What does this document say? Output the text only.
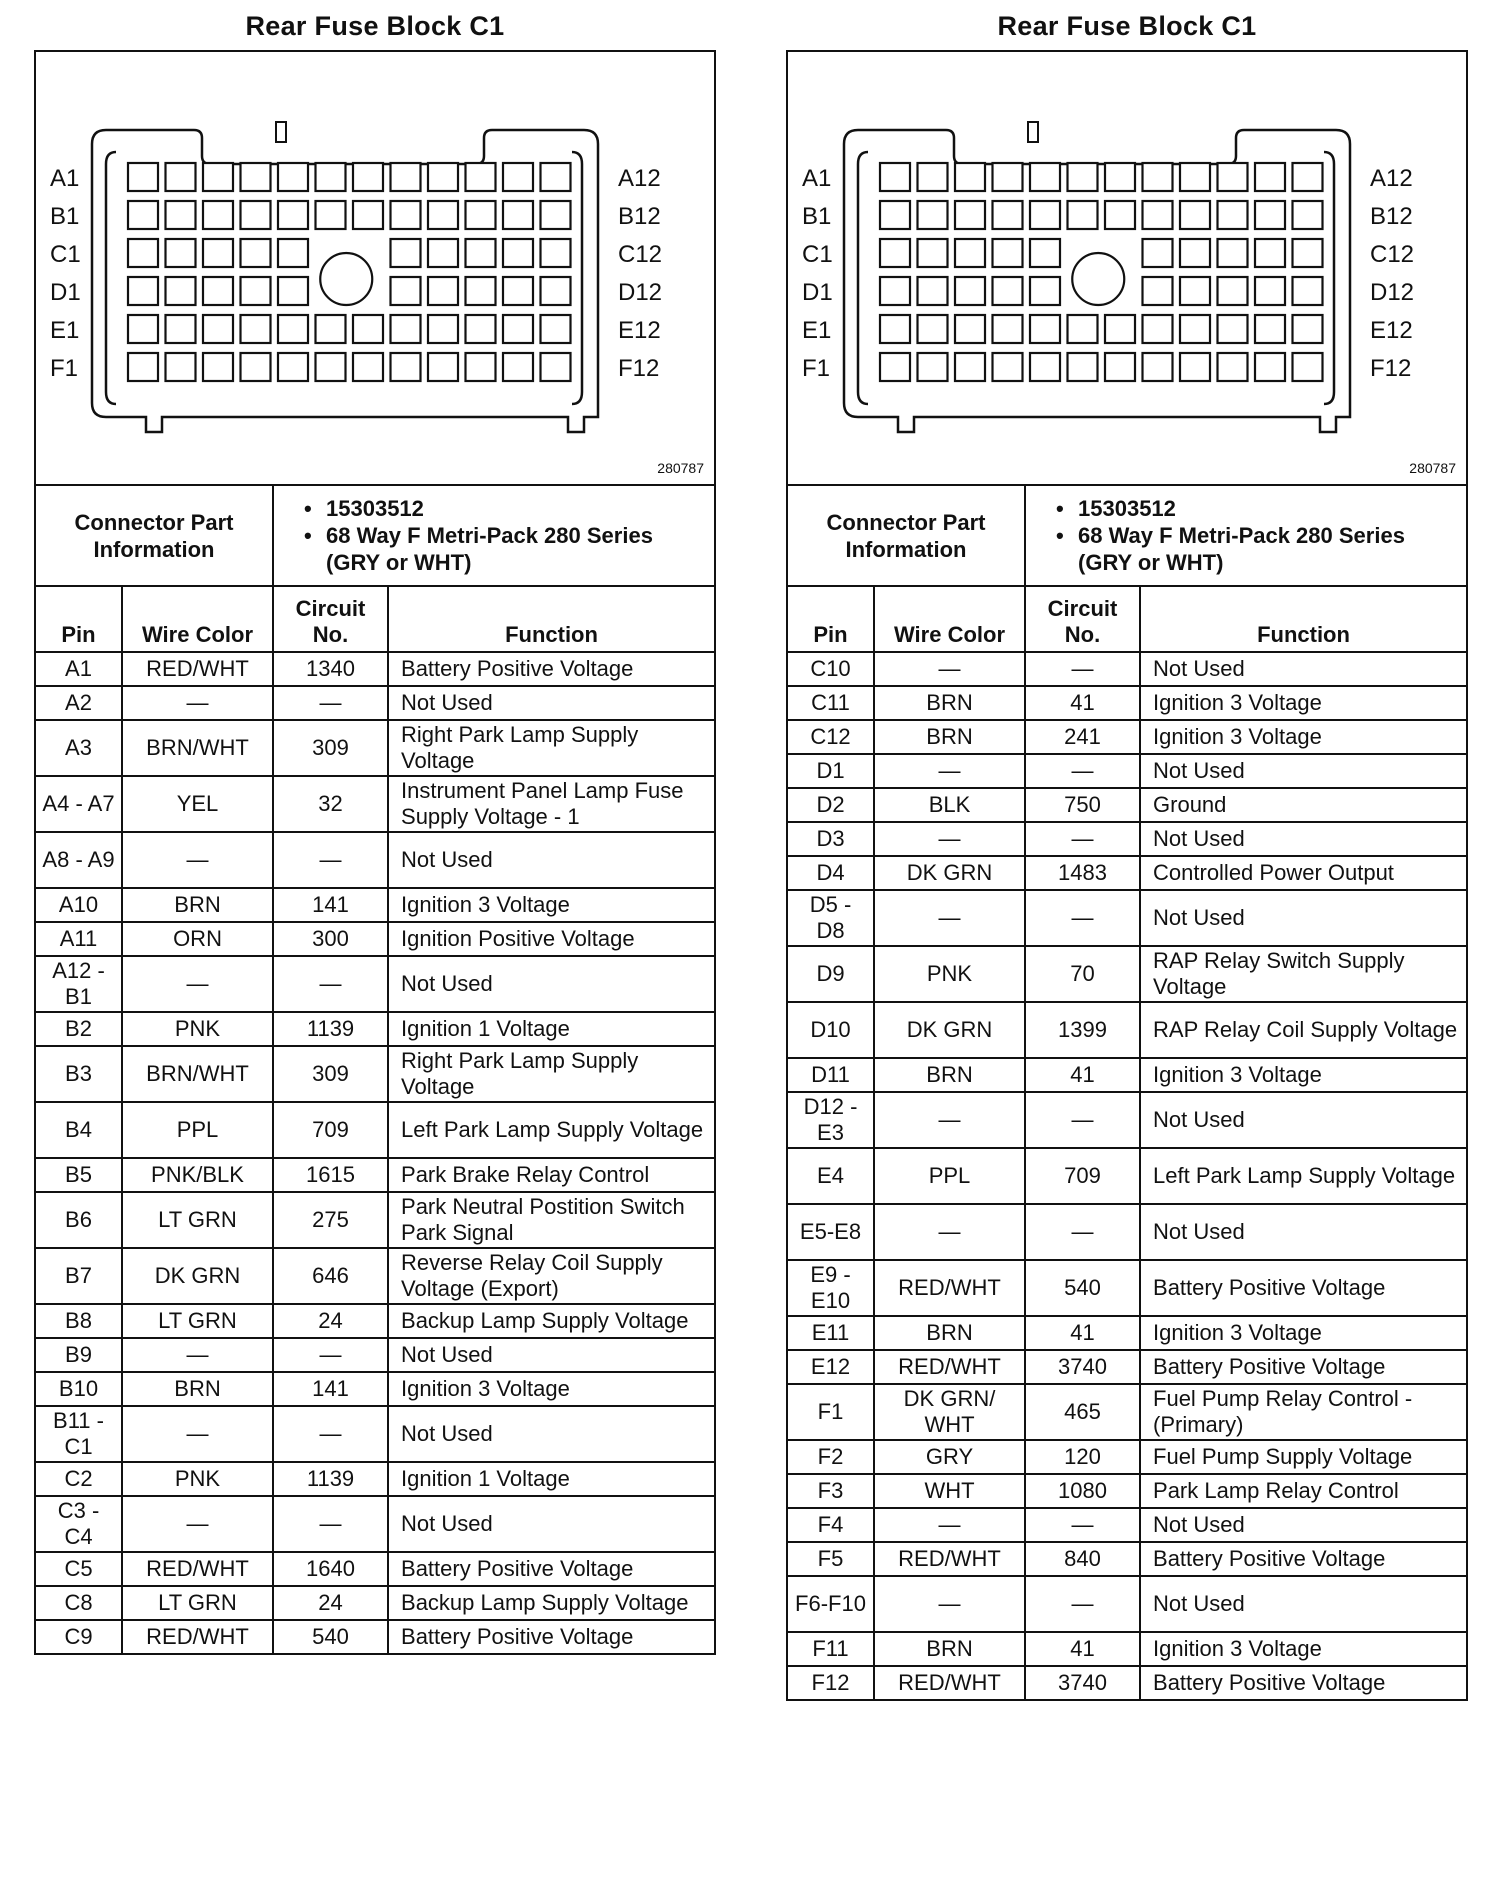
Rear Fuse Block C1
A1	A12
B1	B12
C1	C12
D1	D12
E1	E12
F1	F12
280787
Connector Part Information		• 15303512
• 68 Way F Metri-Pack 280 Series (GRY or WHT)

Pin	Wire Color	Circuit No.	Function
A1	RED/WHT	1340	Battery Positive Voltage
A2	—	—	Not Used
A3	BRN/WHT	309	Right Park Lamp Supply Voltage
A4 - A7	YEL	32	Instrument Panel Lamp Fuse Supply Voltage - 1
A8 - A9	—	—	Not Used
A10	BRN	141	Ignition 3 Voltage
A11	ORN	300	Ignition Positive Voltage
A12 - B1	—	—	Not Used
B2	PNK	1139	Ignition 1 Voltage
B3	BRN/WHT	309	Right Park Lamp Supply Voltage
B4	PPL	709	Left Park Lamp Supply Voltage
B5	PNK/BLK	1615	Park Brake Relay Control
B6	LT GRN	275	Park Neutral Postition Switch Park Signal
B7	DK GRN	646	Reverse Relay Coil Supply Voltage (Export)
B8	LT GRN	24	Backup Lamp Supply Voltage
B9	—	—	Not Used
B10	BRN	141	Ignition 3 Voltage
B11 - C1	—	—	Not Used
C2	PNK	1139	Ignition 1 Voltage
C3 - C4	—	—	Not Used
C5	RED/WHT	1640	Battery Positive Voltage
C8	LT GRN	24	Backup Lamp Supply Voltage
C9	RED/WHT	540	Battery Positive Voltage
Rear Fuse Block C1
A1	A12
B1	B12
C1	C12
D1	D12
E1	E12
F1	F12
280787
Connector Part Information		• 15303512
• 68 Way F Metri-Pack 280 Series (GRY or WHT)

Pin	Wire Color	Circuit No.	Function
C10	—	—	Not Used
C11	BRN	41	Ignition 3 Voltage
C12	BRN	241	Ignition 3 Voltage
D1	—	—	Not Used
D2	BLK	750	Ground
D3	—	—	Not Used
D4	DK GRN	1483	Controlled Power Output
D5 - D8	—	—	Not Used
D9	PNK	70	RAP Relay Switch Supply Voltage
D10	DK GRN	1399	RAP Relay Coil Supply Voltage
D11	BRN	41	Ignition 3 Voltage
D12 - E3	—	—	Not Used
E4	PPL	709	Left Park Lamp Supply Voltage
E5-E8	—	—	Not Used
E9 - E10	RED/WHT	540	Battery Positive Voltage
E11	BRN	41	Ignition 3 Voltage
E12	RED/WHT	3740	Battery Positive Voltage
F1	DK GRN/ WHT	465	Fuel Pump Relay Control - (Primary)
F2	GRY	120	Fuel Pump Supply Voltage
F3	WHT	1080	Park Lamp Relay Control
F4	—	—	Not Used
F5	RED/WHT	840	Battery Positive Voltage
F6-F10	—	—	Not Used
F11	BRN	41	Ignition 3 Voltage
F12	RED/WHT	3740	Battery Positive Voltage
